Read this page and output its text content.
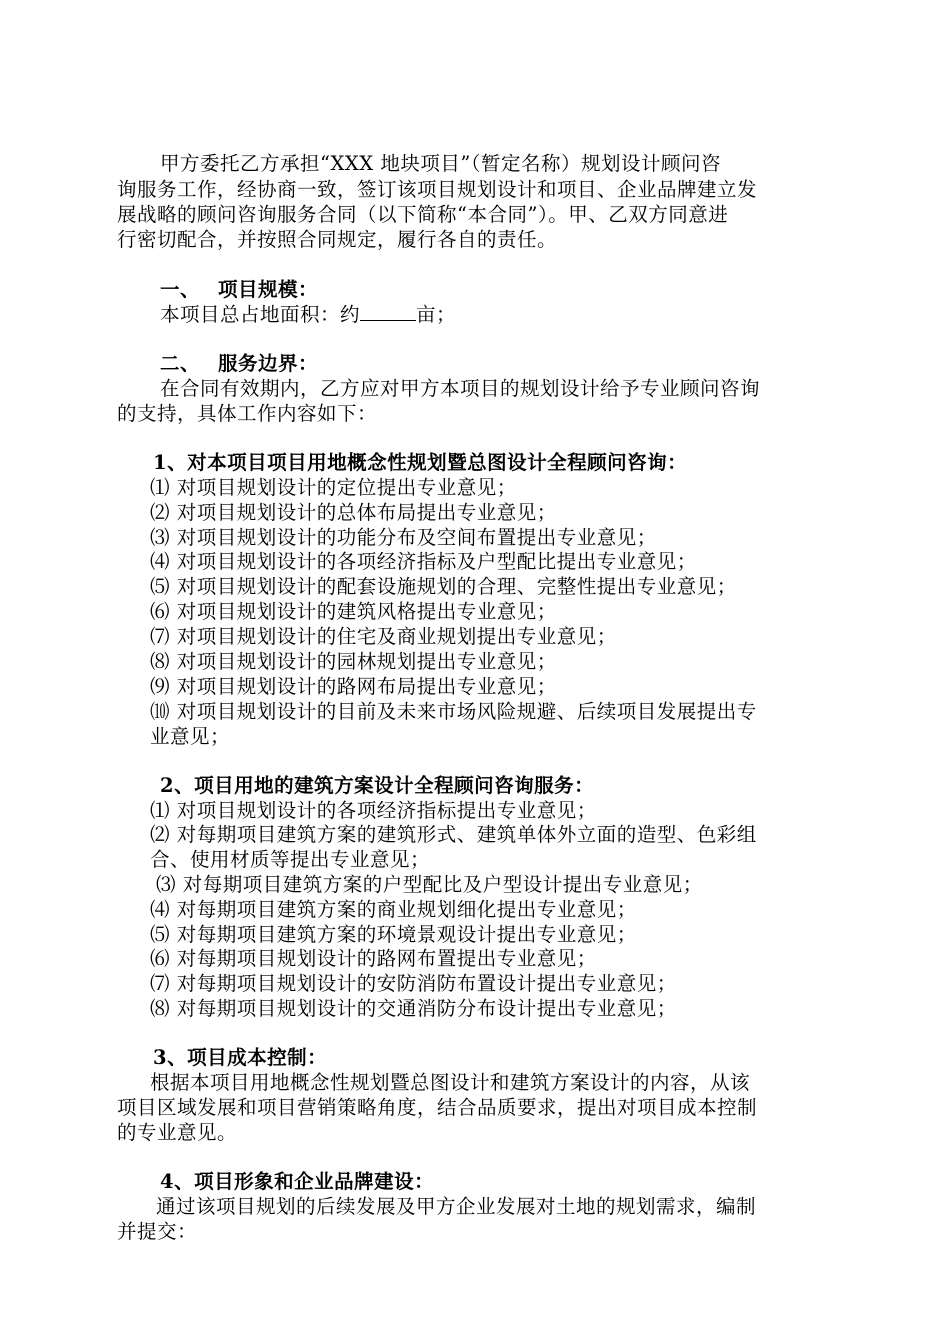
甲方委托乙方承担“XXX 地块项目”（暂定名称）规划设计顾问咨
询服务工作，经协商一致，签订该项目规划设计和项目、企业品牌建立发
展战略的顾问咨询服务合同（以下简称“本合同”）。甲、乙双方同意进
行密切配合，并按照合同规定，履行各自的责任。
一、 项目规模：
本项目总占地面积：约	亩；
二、 服务边界：
在合同有效期内，乙方应对甲方本项目的规划设计给予专业顾问咨询
的支持，具体工作内容如下：
1、对本项目项目用地概念性规划暨总图设计全程顾问咨询：
⑴ 对项目规划设计的定位提出专业意见；
⑵ 对项目规划设计的总体布局提出专业意见；
⑶ 对项目规划设计的功能分布及空间布置提出专业意见；
⑷ 对项目规划设计的各项经济指标及户型配比提出专业意见；
⑸ 对项目规划设计的配套设施规划的合理、完整性提出专业意见；
⑹ 对项目规划设计的建筑风格提出专业意见；
⑺ 对项目规划设计的住宅及商业规划提出专业意见；
⑻ 对项目规划设计的园林规划提出专业意见；
⑼ 对项目规划设计的路网布局提出专业意见；
⑽ 对项目规划设计的目前及未来市场风险规避、后续项目发展提出专
业意见；
2、项目用地的建筑方案设计全程顾问咨询服务：
⑴ 对项目规划设计的各项经济指标提出专业意见；
⑵ 对每期项目建筑方案的建筑形式、建筑单体外立面的造型、色彩组
合、使用材质等提出专业意见；
⑶ 对每期项目建筑方案的户型配比及户型设计提出专业意见；
⑷ 对每期项目建筑方案的商业规划细化提出专业意见；
⑸ 对每期项目建筑方案的环境景观设计提出专业意见；
⑹ 对每期项目规划设计的路网布置提出专业意见；
⑺ 对每期项目规划设计的安防消防布置设计提出专业意见；
⑻ 对每期项目规划设计的交通消防分布设计提出专业意见；
3、项目成本控制：
根据本项目用地概念性规划暨总图设计和建筑方案设计的内容，从该
项目区域发展和项目营销策略角度，结合品质要求，提出对项目成本控制
的专业意见。
4、项目形象和企业品牌建设：
通过该项目规划的后续发展及甲方企业发展对土地的规划需求，编制
并提交：
